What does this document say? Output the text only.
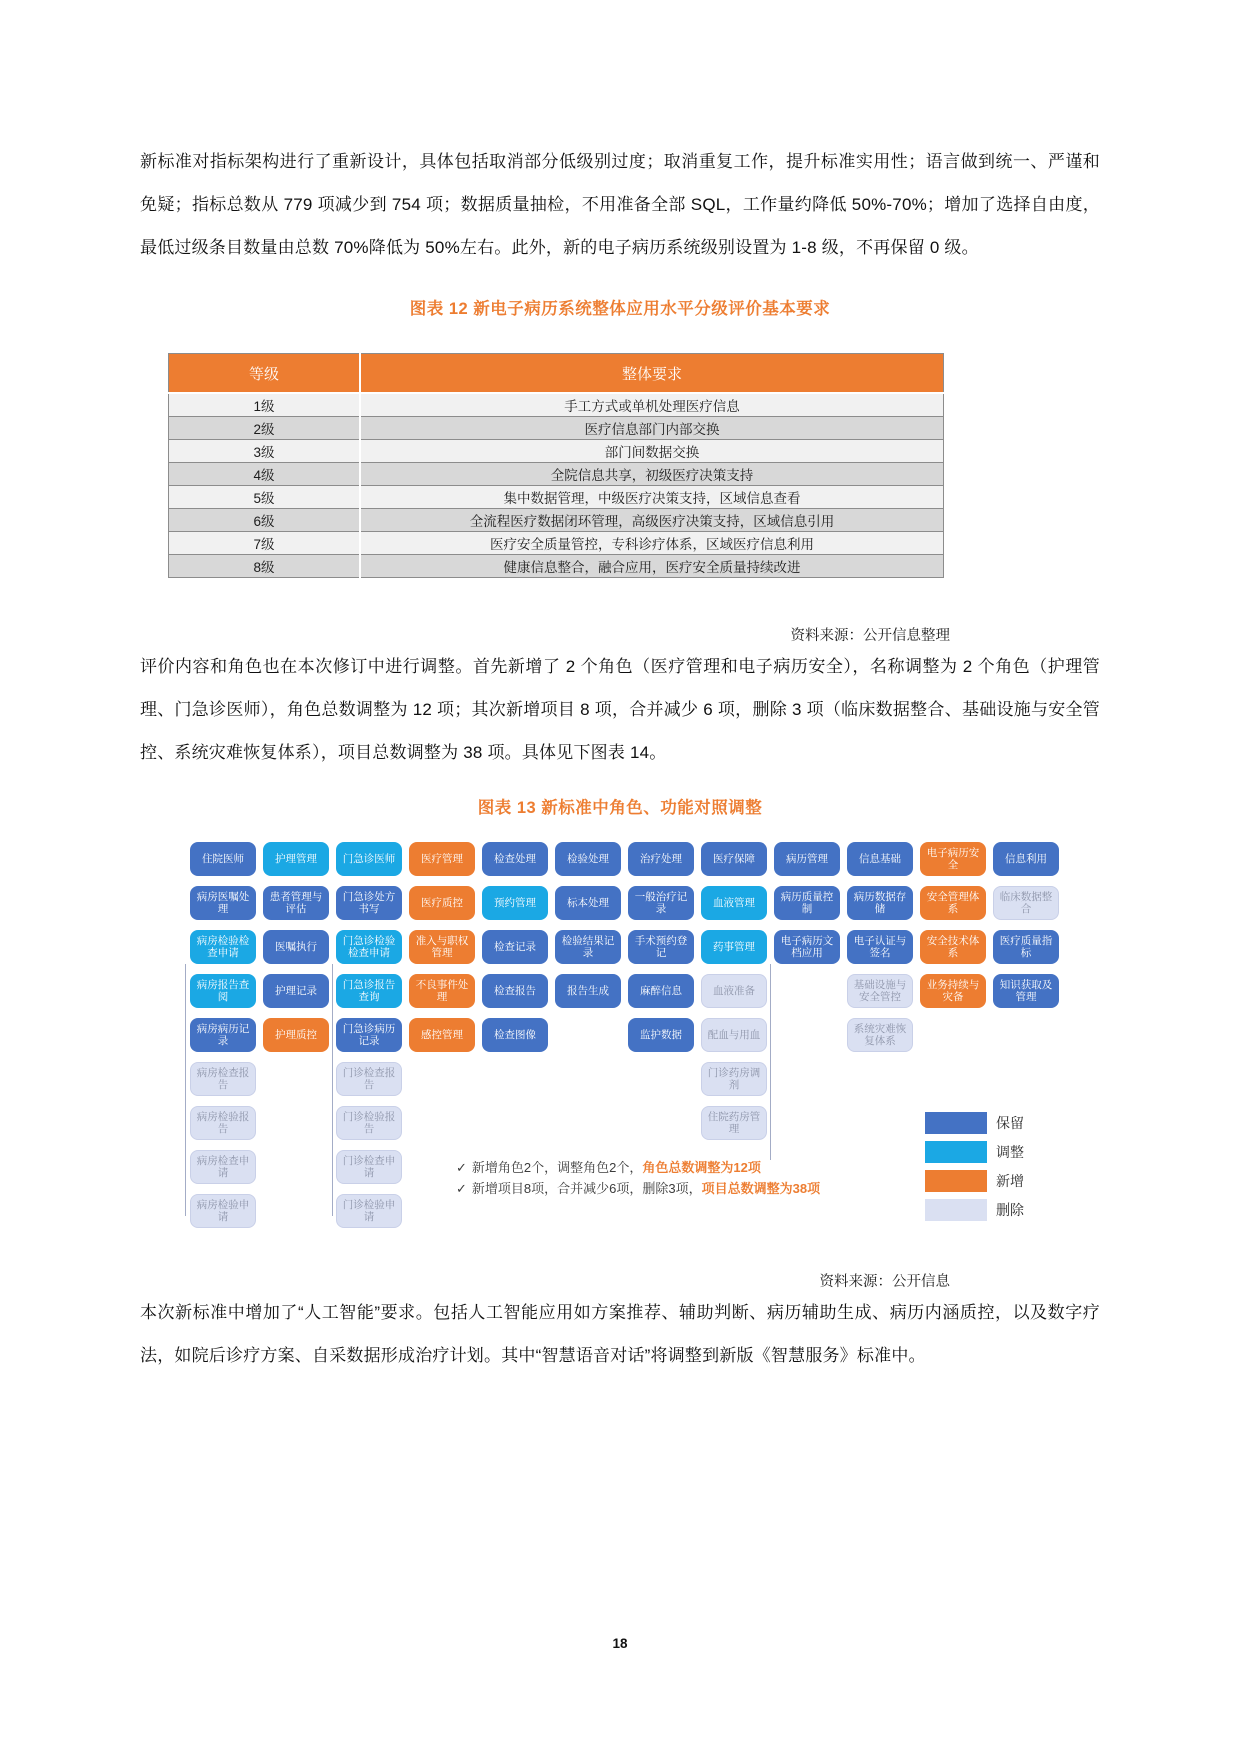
新标准对指标架构进行了重新设计，具体包括取消部分低级别过度；取消重复工作，提升标准实用性；语言做到统一、严谨和免疑；指标总数从 779 项减少到 754 项；数据质量抽检，不用准备全部 SQL，工作量约降低 50%-70%；增加了选择自由度，最低过级条目数量由总数 70%降低为 50%左右。此外，新的电子病历系统级别设置为 1-8 级，不再保留 0 级。

图表 12 新电子病历系统整体应用水平分级评价基本要求
等级	整体要求
1级	手工方式或单机处理医疗信息
2级	医疗信息部门内部交换
3级	部门间数据交换
4级	全院信息共享，初级医疗决策支持
5级	集中数据管理，中级医疗决策支持，区域信息查看
6级	全流程医疗数据闭环管理，高级医疗决策支持，区域信息引用
7级	医疗安全质量管控，专科诊疗体系，区域医疗信息利用
8级	健康信息整合，融合应用，医疗安全质量持续改进
资料来源：公开信息整理

评价内容和角色也在本次修订中进行调整。首先新增了 2 个角色（医疗管理和电子病历安全），名称调整为 2 个角色（护理管理、门急诊医师），角色总数调整为 12 项；其次新增项目 8 项，合并减少 6 项，删除 3 项（临床数据整合、基础设施与安全管控、系统灾难恢复体系），项目总数调整为 38 项。具体见下图表 14。

图表 13 新标准中角色、功能对照调整
住院医师
病房医嘱处理
病房检验检查申请
病房报告查阅
病房病历记录
病房检查报告
病房检验报告
病房检查申请
病房检验申请
护理管理
患者管理与评估
医嘱执行
护理记录
护理质控
门急诊医师
门急诊处方书写
门急诊检验检查申请
门急诊报告查询
门急诊病历记录
门诊检查报告
门诊检验报告
门诊检查申请
门诊检验申请
医疗管理
医疗质控
准入与职权管理
不良事件处理
感控管理
检查处理
预约管理
检查记录
检查报告
检查图像
检验处理
标本处理
检验结果记录
报告生成
治疗处理
一般治疗记录
手术预约登记
麻醉信息
监护数据
医疗保障
血液管理
药事管理
血液准备
配血与用血
门诊药房调剂
住院药房管理
病历管理
病历质量控制
电子病历文档应用
信息基础
病历数据存储
电子认证与签名
基础设施与安全管控
系统灾难恢复体系
电子病历安全
安全管理体系
安全技术体系
业务持续与灾备
信息利用
临床数据整合
医疗质量指标
知识获取及管理
✓ 新增角色2个，调整角色2个，角色总数调整为12项
✓ 新增项目8项，合并减少6项，删除3项，项目总数调整为38项
保留
调整
新增
删除
资料来源：公开信息

本次新标准中增加了“人工智能”要求。包括人工智能应用如方案推荐、辅助判断、病历辅助生成、病历内涵质控，以及数字疗法，如院后诊疗方案、自采数据形成治疗计划。其中“智慧语音对话”将调整到新版《智慧服务》标准中。

18
